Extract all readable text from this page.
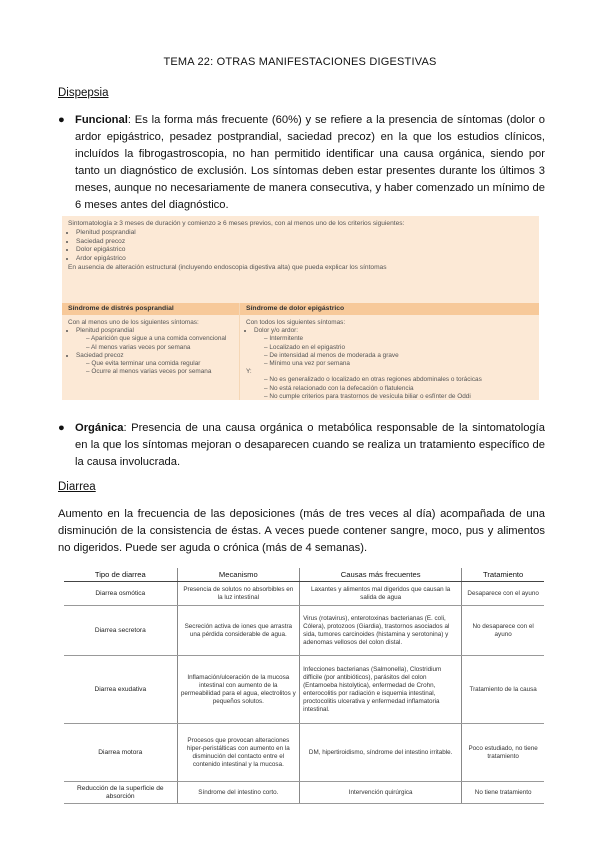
TEMA 22: OTRAS MANIFESTACIONES DIGESTIVAS
Dispepsia
● Funcional: Es la forma más frecuente (60%) y se refiere a la presencia de síntomas (dolor o ardor epigástrico, pesadez postprandial, saciedad precoz) en la que los estudios clínicos, incluídos la fibrogastroscopia, no han permitido identificar una causa orgánica, siendo por tanto un diagnóstico de exclusión. Los síntomas deben estar presentes durante los últimos 3 meses, aunque no necesariamente de manera consecutiva, y haber comenzado un mínimo de 6 meses antes del diagnóstico.
Sintomatología ≥ 3 meses de duración y comienzo ≥ 6 meses previos, con al menos uno de los criterios siguientes:
• Plenitud posprandial
• Saciedad precoz
• Dolor epigástrico
• Ardor epigástrico
En ausencia de alteración estructural (incluyendo endoscopia digestiva alta) que pueda explicar los síntomas
Síndrome de distrés posprandial	Síndrome de dolor epigástrico
Con al menos uno de los siguientes síntomas:
• Plenitud posprandial
– Aparición que sigue a una comida convencional
– Al menos varias veces por semana
• Saciedad precoz
– Que evita terminar una comida regular
– Ocurre al menos varias veces por semana
Con todos los siguientes síntomas:
• Dolor y/o ardor:
– Intermitente
– Localizado en el epigastrio
– De intensidad al menos de moderada a grave
– Mínimo una vez por semana
Y:
– No es generalizado o localizado en otras regiones abdominales o torácicas
– No está relacionado con la defecación o flatulencia
– No cumple criterios para trastornos de vesícula biliar o esfínter de Oddi
● Orgánica: Presencia de una causa orgánica o metabólica responsable de la sintomatología en la que los síntomas mejoran o desaparecen cuando se realiza un tratamiento específico de la causa involucrada.
Diarrea
Aumento en la frecuencia de las deposiciones (más de tres veces al día) acompañada de una disminución de la consistencia de éstas. A veces puede contener sangre, moco, pus y alimentos no digeridos. Puede ser aguda o crónica (más de 4 semanas).
Tipo de diarrea	Mecanismo	Causas más frecuentes	Tratamiento
Diarrea osmótica	Presencia de solutos no absorbibles en la luz intestinal	Laxantes y alimentos mal digeridos que causan la salida de agua	Desaparece con el ayuno
Diarrea secretora	Secreción activa de iones que arrastra una pérdida considerable de agua.	Virus (rotavirus), enterotoxinas bacterianas (E. coli, Cólera), protozoos (Giardia), trastornos asociados al sida, tumores carcinoides (histamina y serotonina) y adenomas vellosos del colon distal.	No desaparece con el ayuno
Diarrea exudativa	Inflamación/ulceración de la mucosa intestinal con aumento de la permeabilidad para el agua, electrolitos y pequeños solutos.	Infecciones bacterianas (Salmonella), Clostridium difficile (por antibióticos), parásitos del colon (Entamoeba histolytica), enfermedad de Crohn, enterocolitis por radiación e isquemia intestinal, proctocolitis ulcerativa y enfermedad inflamatoria intestinal.	Tratamiento de la causa
Diarrea motora	Procesos que provocan alteraciones hiper-peristálticas con aumento en la disminución del contacto entre el contenido intestinal y la mucosa.	DM, hipertiroidismo, síndrome del intestino irritable.	Poco estudiado, no tiene tratamiento
Reducción de la superficie de absorción	Síndrome del intestino corto.	Intervención quirúrgica	No tiene tratamiento
